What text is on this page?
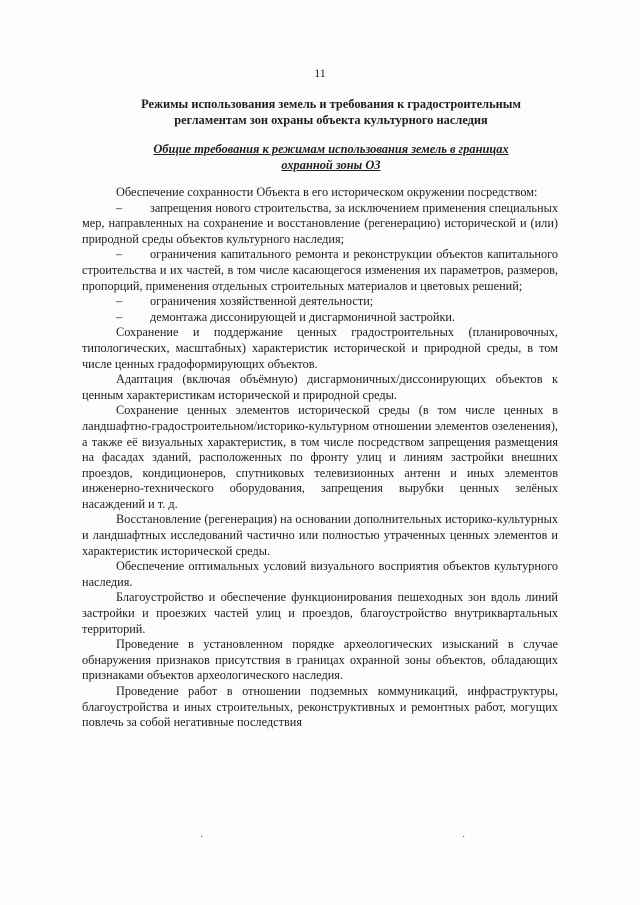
11
Режимы использования земель и требования к градостроительным
регламентам зон охраны объекта культурного наследия
Общие требования к режимам использования земель в границах
охранной зоны ОЗ

Обеспечение сохранности Объекта в его историческом окружении посредством:

– запрещения нового строительства, за исключением применения специальных мер, направленных на сохранение и восстановление (регенерацию) исторической и (или) природной среды объектов культурного наследия;

– ограничения капитального ремонта и реконструкции объектов капитального строительства и их частей, в том числе касающегося изменения их параметров, размеров, пропорций, применения отдельных строительных материалов и цветовых решений;

– ограничения хозяйственной деятельности;

– демонтажа диссонирующей и дисгармоничной застройки.

Сохранение и поддержание ценных градостроительных (планировочных, типологических, масштабных) характеристик исторической и природной среды, в том числе ценных градоформирующих объектов.

Адаптация (включая объёмную) дисгармоничных/диссонирующих объектов к ценным характеристикам исторической и природной среды.

Сохранение ценных элементов исторической среды (в том числе ценных в ландшафтно-градостроительном/историко-культурном отношении элементов озеленения), а также её визуальных характеристик, в том числе посредством запрещения размещения на фасадах зданий, расположенных по фронту улиц и линиям застройки внешних проездов, кондиционеров, спутниковых телевизионных антенн и иных элементов инженерно-технического оборудования, запрещения вырубки ценных зелёных насаждений и т. д.

Восстановление (регенерация) на основании дополнительных историко-культурных и ландшафтных исследований частично или полностью утраченных ценных элементов и характеристик исторической среды.

Обеспечение оптимальных условий визуального восприятия объектов культурного наследия.

Благоустройство и обеспечение функционирования пешеходных зон вдоль линий застройки и проезжих частей улиц и проездов, благоустройство внутриквартальных территорий.

Проведение в установленном порядке археологических изысканий в случае обнаружения признаков присутствия в границах охранной зоны объектов, обладающих признаками объектов археологического наследия.

Проведение работ в отношении подземных коммуникаций, инфраструктуры, благоустройства и иных строительных, реконструктивных и ремонтных работ, могущих повлечь за собой негативные последствия

·	·
